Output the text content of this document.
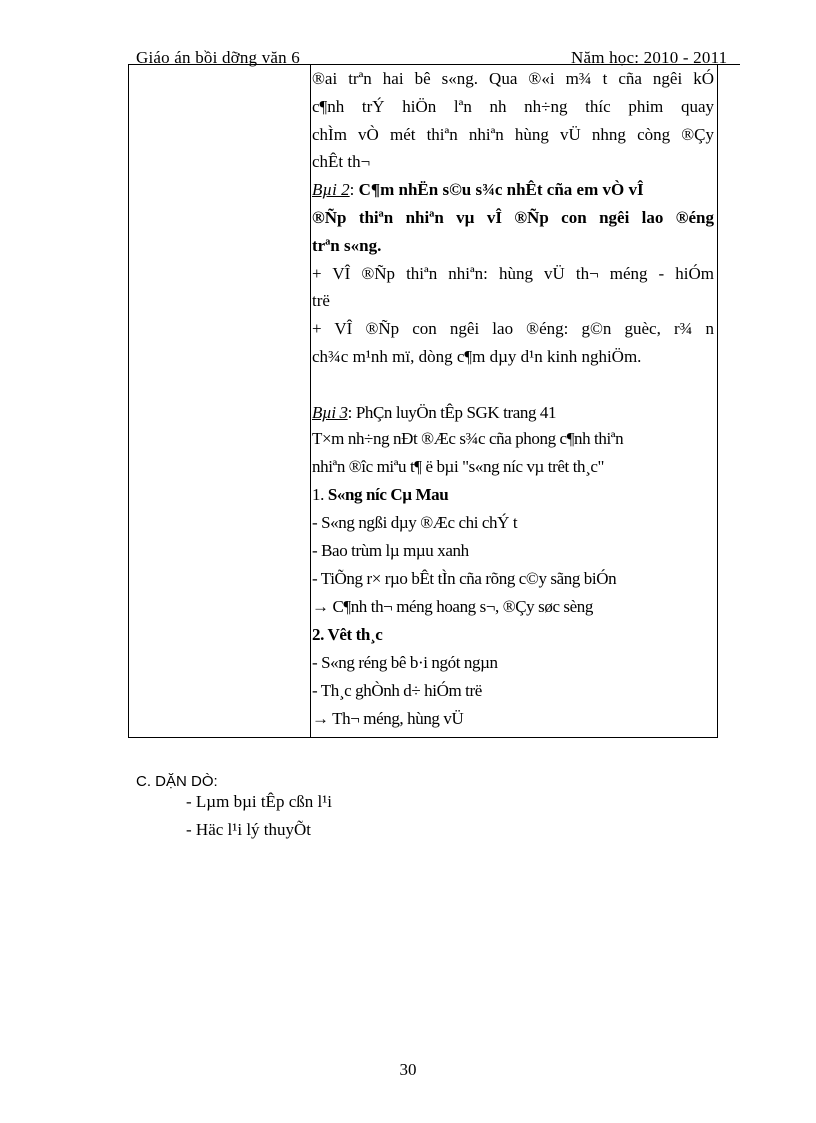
Giáo án bồi dỡng văn 6	Năm học: 2010 - 2011
®ai trªn hai bê s«ng. Qua ®«i m¾ t cña ngêi kÓ
c¶nh trÝ hiÖn lªn nh nh÷ng thíc phim quay
chÌm vÒ mét thiªn nhiªn hùng vÜ nhng còng ®Çy
chÊt th¬
Bµi 2: C¶m nhËn s©u s¾c nhÊt cña em vÒ vÎ
®Ñp thiªn nhiªn vµ vÎ ®Ñp con ngêi lao ®éng
trªn s«ng.
+ VÎ ®Ñp thiªn nhiªn: hùng vÜ th¬ méng - hiÓm
trë
+ VÎ ®Ñp con ngêi lao ®éng: g©n guèc, r¾ n
ch¾c m¹nh mï, dòng c¶m dµy d¹n kinh nghiÖm.
Bµi 3: PhÇn luyÖn tÊp SGK trang 41
T×m nh÷ng nÐt ®Æc s¾c cña phong c¶nh thiªn
nhiªn ®îc miªu t¶ ë bµi "s«ng níc vµ trêt th¸c"
1. S«ng níc Cµ Mau
- S«ng ngßi dµy ®Æc chi chÝ t
- Bao trùm lµ mµu xanh
- TiÕng r× rµo bÊt tÌn cña rõng c©y sãng biÓn
→ C¶nh th¬ méng hoang s¬, ®Çy søc sèng
2. Vêt th¸c
- S«ng réng bê b·i ngót ngµn
- Th¸c ghÒnh d÷ hiÓm trë
→ Th¬ méng, hùng vÜ
C. DẶN DÒ:
- Lµm bµi tÊp cßn l¹i
- Häc l¹i lý thuyÕt
30
